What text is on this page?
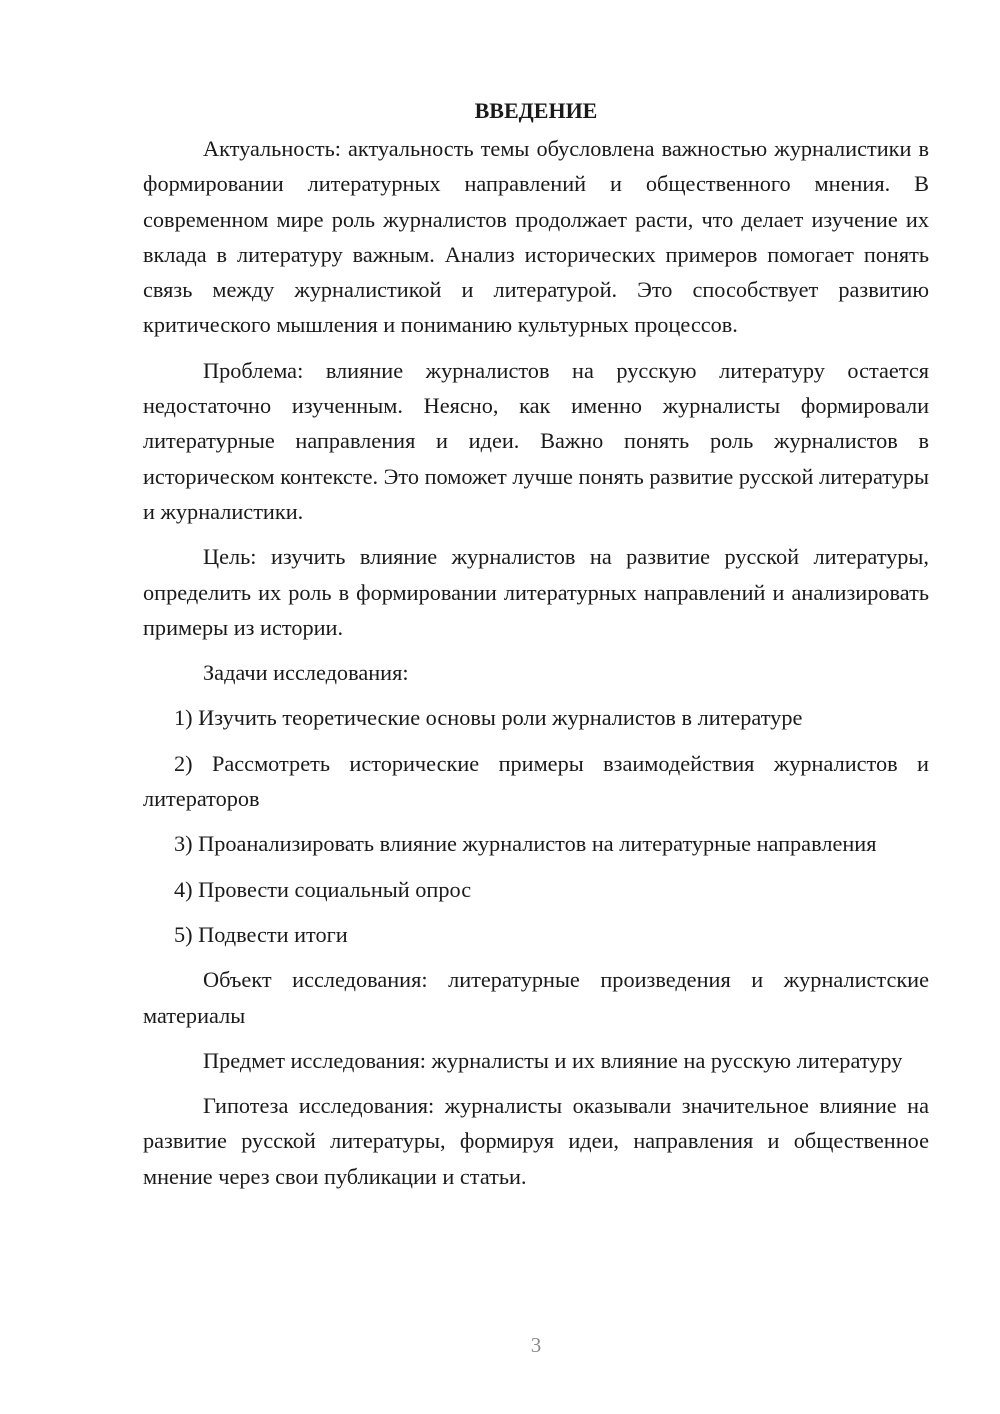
ВВЕДЕНИЕ

Актуальность: актуальность темы обусловлена важностью журналистики в формировании литературных направлений и общественного мнения. В современном мире роль журналистов продолжает расти, что делает изучение их вклада в литературу важным. Анализ исторических примеров помогает понять связь между журналистикой и литературой. Это способствует развитию критического мышления и пониманию культурных процессов.

Проблема: влияние журналистов на русскую литературу остается недостаточно изученным. Неясно, как именно журналисты формировали литературные направления и идеи. Важно понять роль журналистов в историческом контексте. Это поможет лучше понять развитие русской литературы и журналистики.

Цель: изучить влияние журналистов на развитие русской литературы, определить их роль в формировании литературных направлений и анализировать примеры из истории.

Задачи исследования:

1) Изучить теоретические основы роли журналистов в литературе

2) Рассмотреть исторические примеры взаимодействия журналистов и литераторов

3) Проанализировать влияние журналистов на литературные направления

4) Провести социальный опрос

5) Подвести итоги

Объект исследования: литературные произведения и журналистские материалы

Предмет исследования: журналисты и их влияние на русскую литературу

Гипотеза исследования: журналисты оказывали значительное влияние на развитие русской литературы, формируя идеи, направления и общественное мнение через свои публикации и статьи.

3
